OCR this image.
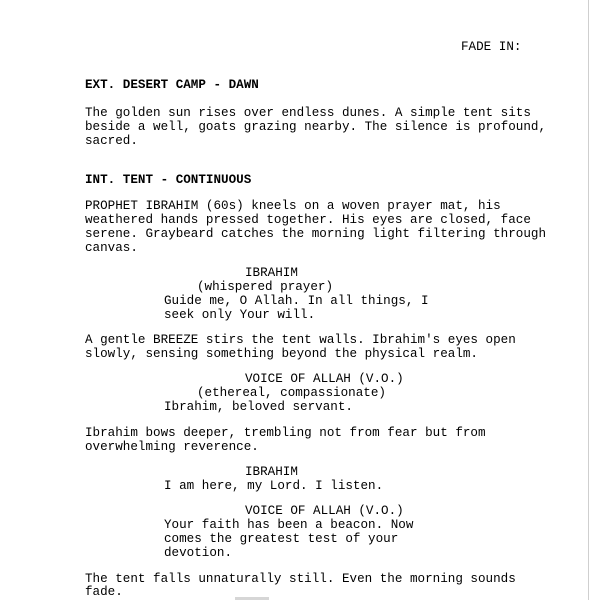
FADE IN:
EXT. DESERT CAMP - DAWN
The golden sun rises over endless dunes. A simple tent sits
beside a well, goats grazing nearby. The silence is profound,
sacred.
INT. TENT - CONTINUOUS
PROPHET IBRAHIM (60s) kneels on a woven prayer mat, his
weathered hands pressed together. His eyes are closed, face
serene. Graybeard catches the morning light filtering through
canvas.
IBRAHIM
(whispered prayer)
Guide me, O Allah. In all things, I
seek only Your will.
A gentle BREEZE stirs the tent walls. Ibrahim's eyes open
slowly, sensing something beyond the physical realm.
VOICE OF ALLAH (V.O.)
(ethereal, compassionate)
Ibrahim, beloved servant.
Ibrahim bows deeper, trembling not from fear but from
overwhelming reverence.
IBRAHIM
I am here, my Lord. I listen.
VOICE OF ALLAH (V.O.)
Your faith has been a beacon. Now
comes the greatest test of your
devotion.
The tent falls unnaturally still. Even the morning sounds
fade.
